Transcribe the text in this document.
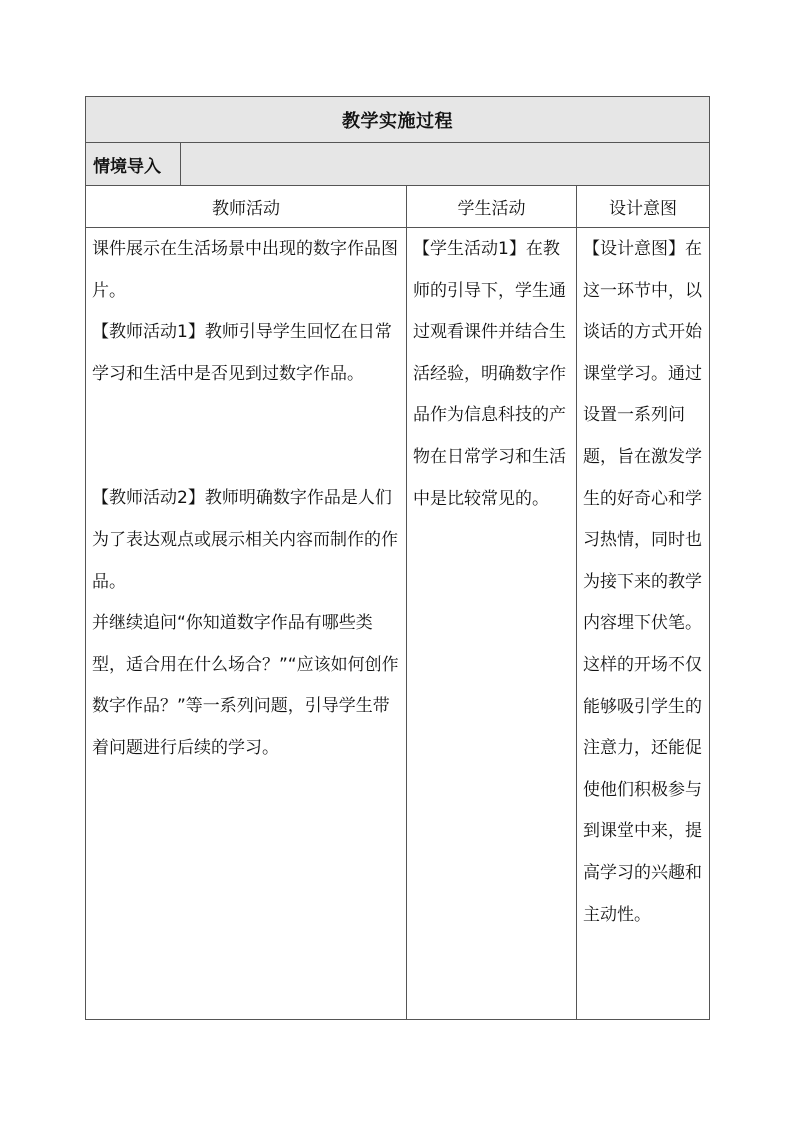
教学实施过程			
情境导入			
教师活动		学生活动	设计意图

课件展示在生活场景中出现的数字作品图片。

【教师活动1】教师引导学生回忆在日常学习和生活中是否见到过数字作品。

【教师活动2】教师明确数字作品是人们为了表达观点或展示相关内容而制作的作品。

并继续追问“你知道数字作品有哪些类型，适合用在什么场合？”“应该如何创作数字作品？”等一系列问题，引导学生带着问题进行后续的学习。		【学生活动1】在教师的引导下，学生通过观看课件并结合生活经验，明确数字作品作为信息科技的产物在日常学习和生活中是比较常见的。	【设计意图】在这一环节中，以谈话的方式开始课堂学习。通过设置一系列问题，旨在激发学生的好奇心和学习热情，同时也为接下来的教学内容埋下伏笔。这样的开场不仅能够吸引学生的注意力，还能促使他们积极参与到课堂中来，提高学习的兴趣和主动性。
